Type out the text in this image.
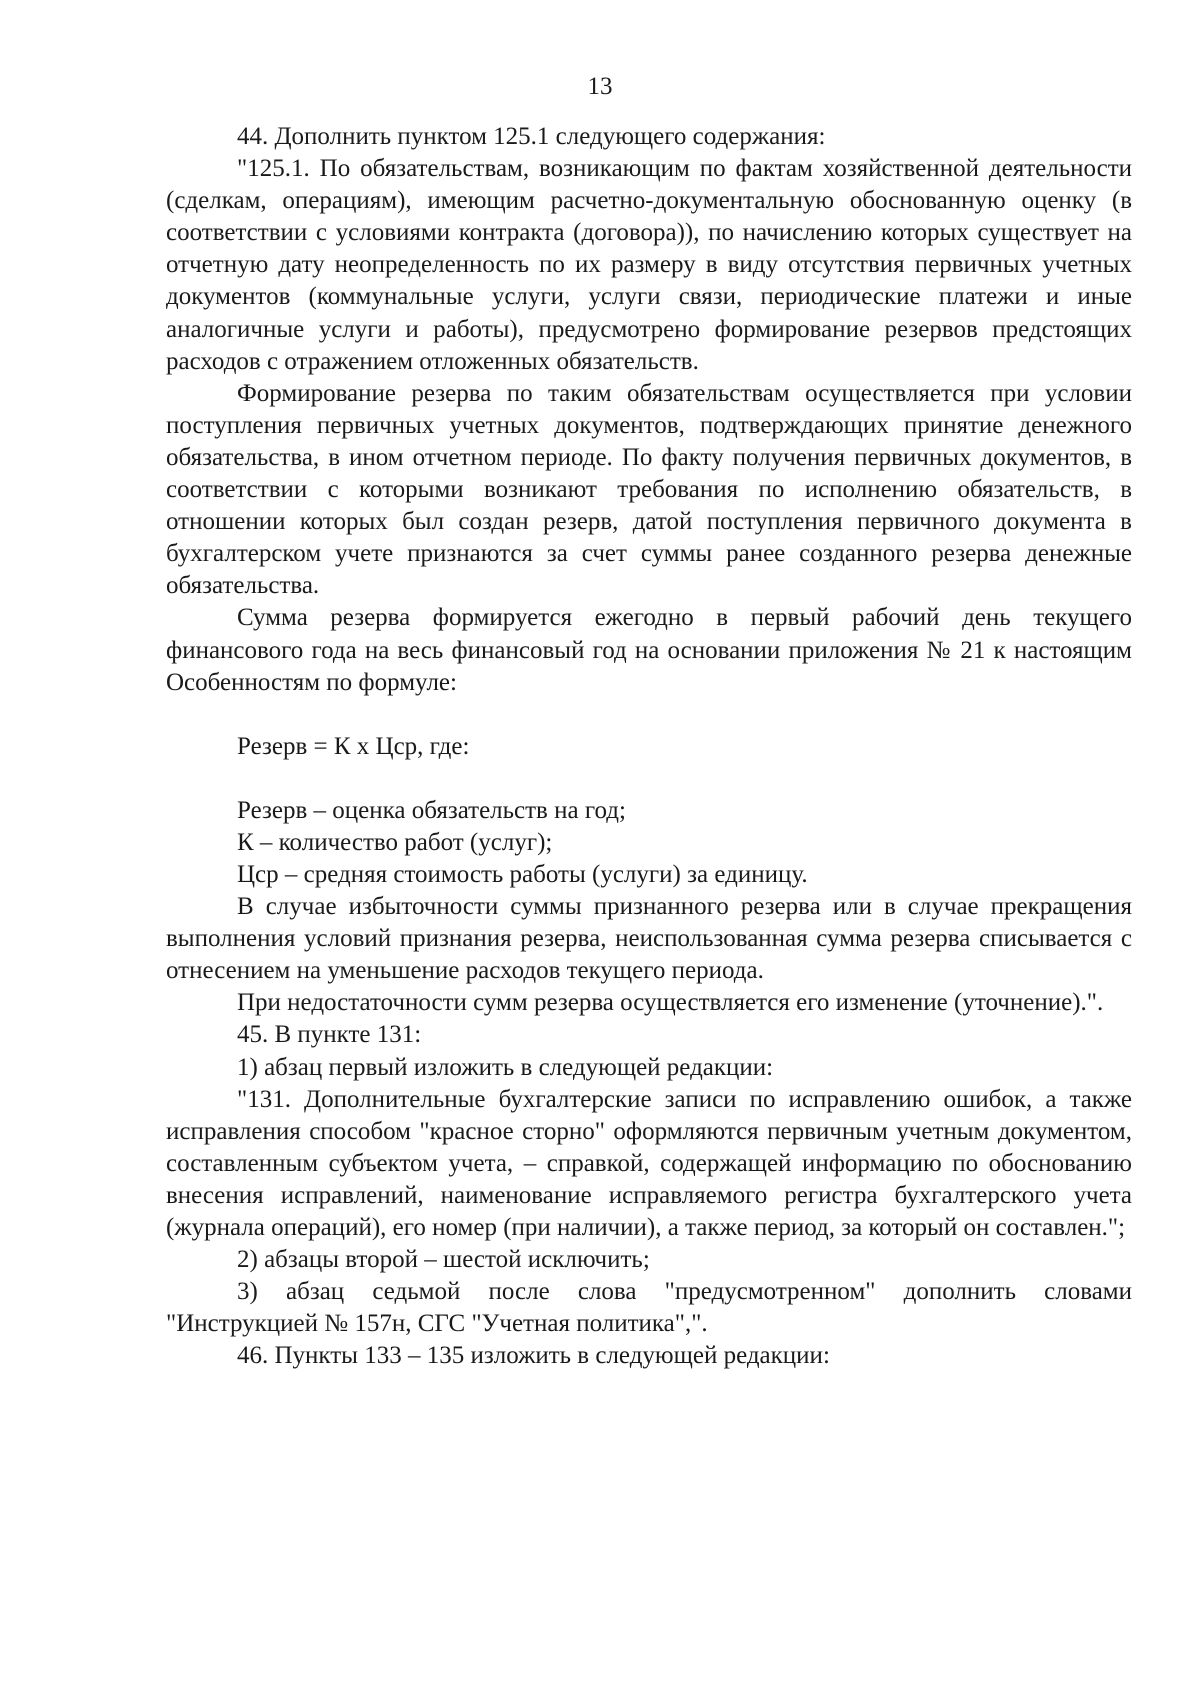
13

44. Дополнить пунктом 125.1 следующего содержания:

"125.1. По обязательствам, возникающим по фактам хозяйственной деятельности (сделкам, операциям), имеющим расчетно-документальную обоснованную оценку (в соответствии с условиями контракта (договора)), по начислению которых существует на отчетную дату неопределенность по их размеру в виду отсутствия первичных учетных документов (коммунальные услуги, услуги связи, периодические платежи и иные аналогичные услуги и работы), предусмотрено формирование резервов предстоящих расходов с отражением отложенных обязательств.

Формирование резерва по таким обязательствам осуществляется при условии поступления первичных учетных документов, подтверждающих принятие денежного обязательства, в ином отчетном периоде. По факту получения первичных документов, в соответствии с которыми возникают требования по исполнению обязательств, в отношении которых был создан резерв, датой поступления первичного документа в бухгалтерском учете признаются за счет суммы ранее созданного резерва денежные обязательства.

Сумма резерва формируется ежегодно в первый рабочий день текущего финансового года на весь финансовый год на основании приложения № 21 к настоящим Особенностям по формуле:

Резерв = К x Цср, где:

Резерв – оценка обязательств на год;

К – количество работ (услуг);

Цср – средняя стоимость работы (услуги) за единицу.

В случае избыточности суммы признанного резерва или в случае прекращения выполнения условий признания резерва, неиспользованная сумма резерва списывается с отнесением на уменьшение расходов текущего периода.

При недостаточности сумм резерва осуществляется его изменение (уточнение).".

45. В пункте 131:

1) абзац первый изложить в следующей редакции:

"131. Дополнительные бухгалтерские записи по исправлению ошибок, а также исправления способом "красное сторно" оформляются первичным учетным документом, составленным субъектом учета, – справкой, содержащей информацию по обоснованию внесения исправлений, наименование исправляемого регистра бухгалтерского учета (журнала операций), его номер (при наличии), а также период, за который он составлен.";

2) абзацы второй – шестой исключить;

3) абзац седьмой после слова "предусмотренном" дополнить словами "Инструкцией № 157н, СГС "Учетная политика",".

46. Пункты 133 – 135 изложить в следующей редакции:
